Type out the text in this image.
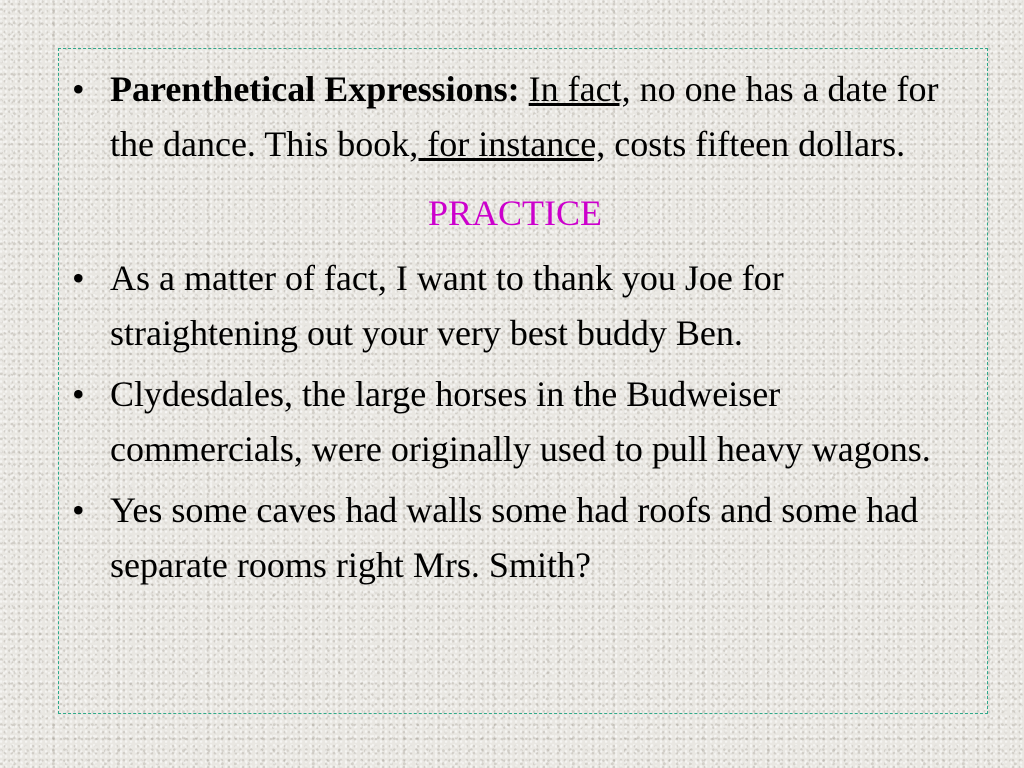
• Parenthetical Expressions: In fact, no one has a date for the dance. This book, for instance, costs fifteen dollars.
PRACTICE
• As a matter of fact, I want to thank you Joe for straightening out your very best buddy Ben.
• Clydesdales, the large horses in the Budweiser commercials, were originally used to pull heavy wagons.
• Yes some caves had walls some had roofs and some had separate rooms right Mrs. Smith?
